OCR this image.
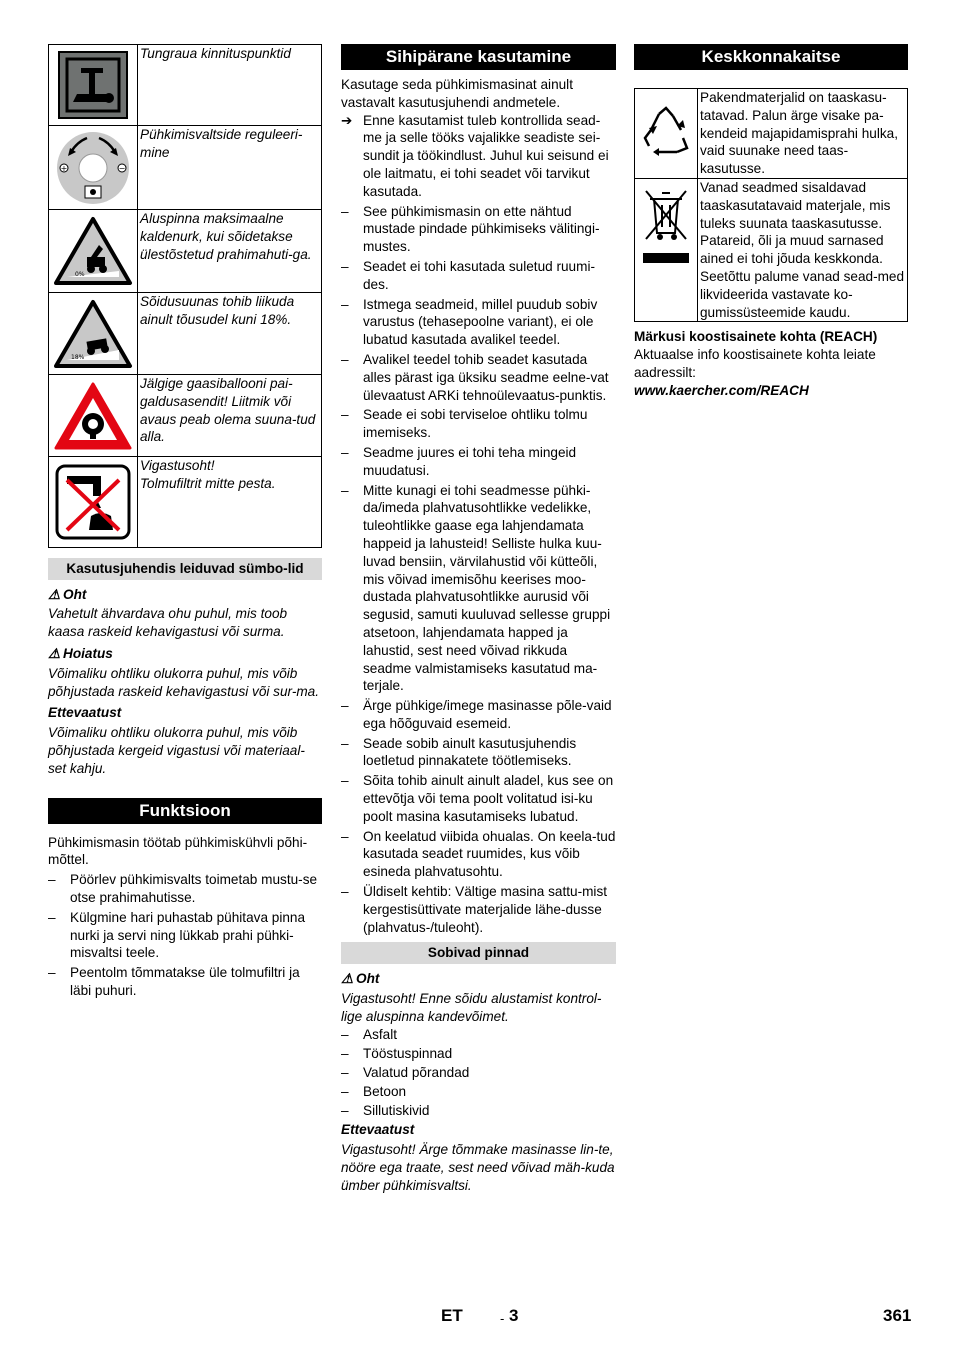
	Tungraua kinnituspunktid

+ −	Pühkimisvaltside reguleeri-mine

0%	Aluspinna maksimaalne kaldenurk, kui sõidetakse ülestõstetud prahimahuti-ga.

18%	Sõidusuunas tohib liikuda ainult tõusudel kuni 18%.

	Jälgige gaasiballooni pai-galdusasendit! Liitmik või avaus peab olema suuna-tud alla.

	Vigastusoht!
Tolmufiltrit mitte pesta.
Kasutusjuhendis leiduvad sümbo-lid

⚠ Oht

Vahetult ähvardava ohu puhul, mis toob kaasa raskeid kehavigastusi või surma.

⚠ Hoiatus

Võimaliku ohtliku olukorra puhul, mis võib põhjustada raskeid kehavigastusi või sur-ma.

Ettevaatust

Võimaliku ohtliku olukorra puhul, mis võib põhjustada kergeid vigastusi või materiaal-set kahju.

Funktsioon

Pühkimismasin töötab pühkimiskühvli põhi-mõttel.

– Pöörlev pühkimisvalts toimetab mustu-se otse prahimahutisse.
– Külgmine hari puhastab pühitava pinna nurki ja servi ning lükkab prahi pühki-misvaltsi teele.
– Peentolm tõmmatakse üle tolmufiltri ja läbi puhuri.
Sihipärane kasutamine

Kasutage seda pühkimismasinat ainult vastavalt kasutusjuhendi andmetele.

➔ Enne kasutamist tuleb kontrollida sead-me ja selle tööks vajalikke seadiste sei-sundit ja töökindlust. Juhul kui seisund ei ole laitmatu, ei tohi seadet või tarvikut kasutada.
– See pühkimismasin on ette nähtud mustade pindade pühkimiseks välitingi-mustes.
– Seadet ei tohi kasutada suletud ruumi-des.
– Istmega seadmeid, millel puudub sobiv varustus (tehasepoolne variant), ei ole lubatud kasutada avalikel teedel.
– Avalikel teedel tohib seadet kasutada alles pärast iga üksiku seadme eelne-vat ülevaatust ARKi tehnoülevaatus-punktis.
– Seade ei sobi terviseloe ohtliku tolmu imemiseks.
– Seadme juures ei tohi teha mingeid muudatusi.
– Mitte kunagi ei tohi seadmesse pühki-da/imeda plahvatusohtlikke vedelikke, tuleohtlikke gaase ega lahjendamata happeid ja lahusteid! Selliste hulka kuu-luvad bensiin, värvilahustid või kütteõli, mis võivad imemisõhu keerises moo-dustada plahvatusohtlikke aurusid või segusid, samuti kuuluvad sellesse gruppi atsetoon, lahjendamata happed ja lahustid, sest need võivad rikkuda seadme valmistamiseks kasutatud ma-terjale.
– Ärge pühkige/imege masinasse põle-vaid ega hõõguvaid esemeid.
– Seade sobib ainult kasutusjuhendis loetletud pinnakatete töötlemiseks.
– Sõita tohib ainult ainult aladel, kus see on ettevõtja või tema poolt volitatud isi-ku poolt masina kasutamiseks lubatud.
– On keelatud viibida ohualas. On keela-tud kasutada seadet ruumides, kus võib esineda plahvatusohtu.
– Üldiselt kehtib: Vältige masina sattu-mist kergestisüttivate materjalide lähe-dusse (plahvatus-/tuleoht).
Sobivad pinnad

⚠ Oht

Vigastusoht! Enne sõidu alustamist kontrol-lige aluspinna kandevõimet.

– Asfalt
– Tööstuspinnad
– Valatud põrandad
– Betoon
– Sillutiskivid

Ettevaatust

Vigastusoht! Ärge tõmmake masinasse lin-te, nööre ega traate, sest need võivad mäh-kuda ümber pühkimisvaltsi.

Keskkonnakaitse
	Pakendmaterjalid on taaskasu-tatavad. Palun ärge visake pa-kendeid majapidamisprahi hulka, vaid suunake need taas-kasutusse.

	Vanad seadmed sisaldavad taaskasutatavaid materjale, mis tuleks suunata taaskasutusse. Patareid, õli ja muud sarnased ained ei tohi jõuda keskkonda. Seetõttu palume vanad sead-med likvideerida vastavate ko-gumissüsteemide kaudu.

Märkusi koostisainete kohta (REACH)

Aktuaalse info koostisainete kohta leiate aadressilt:

www.kaercher.com/REACH

ET	- 3	361
